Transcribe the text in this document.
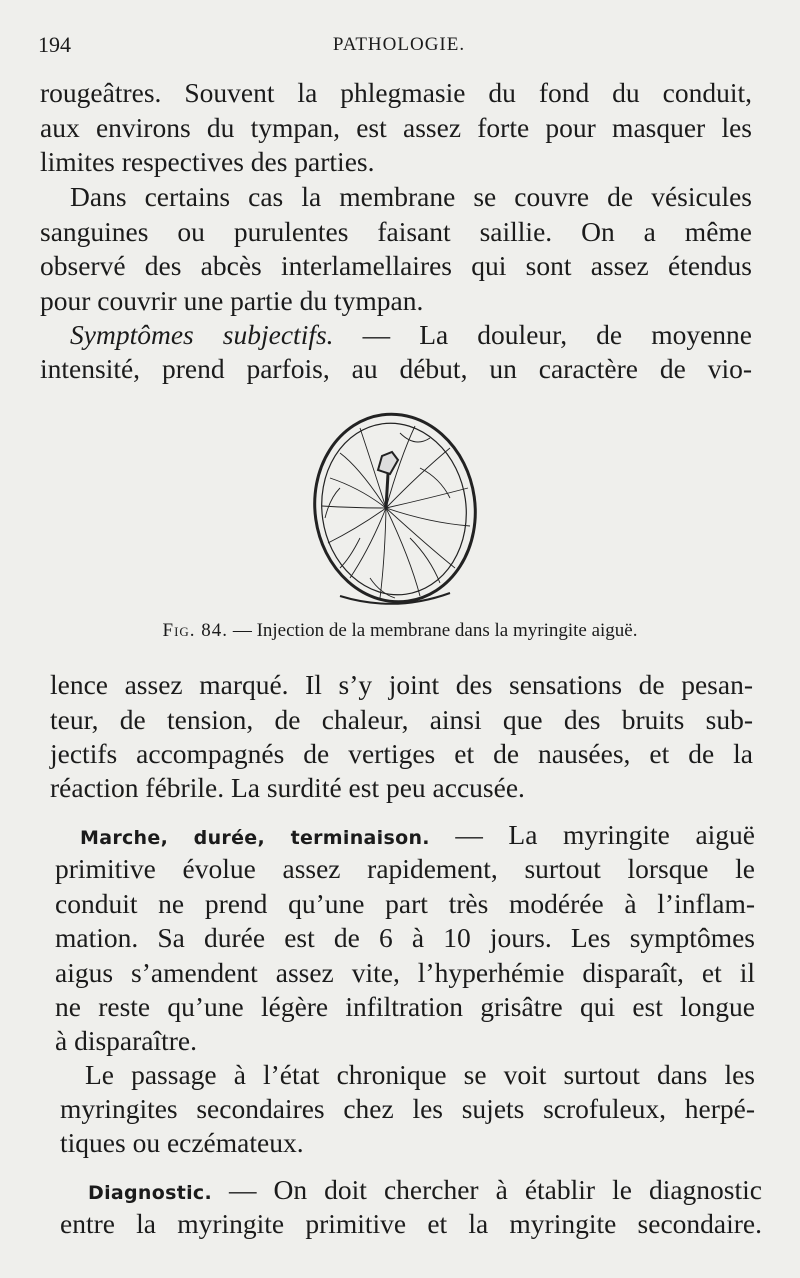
194	PATHOLOGIE.
rougeâtres. Souvent la phlegmasie du fond du conduit,
aux environs du tympan, est assez forte pour masquer les
limites respectives des parties.
Dans certains cas la membrane se couvre de vésicules
sanguines ou purulentes faisant saillie. On a même
observé des abcès interlamellaires qui sont assez étendus
pour couvrir une partie du tympan.
Symptômes subjectifs. — La douleur, de moyenne
intensité, prend parfois, au début, un caractère de vio-
Fig. 84. — Injection de la membrane dans la myringite aiguë.
lence assez marqué. Il s’y joint des sensations de pesan-
teur, de tension, de chaleur, ainsi que des bruits sub-
jectifs accompagnés de vertiges et de nausées, et de la
réaction fébrile. La surdité est peu accusée.
Marche, durée, terminaison. — La myringite aiguë
primitive évolue assez rapidement, surtout lorsque le
conduit ne prend qu’une part très modérée à l’inflam-
mation. Sa durée est de 6 à 10 jours. Les symptômes
aigus s’amendent assez vite, l’hyperhémie disparaît, et il
ne reste qu’une légère infiltration grisâtre qui est longue
à disparaître.
Le passage à l’état chronique se voit surtout dans les
myringites secondaires chez les sujets scrofuleux, herpé-
tiques ou eczémateux.
Diagnostic. — On doit chercher à établir le diagnostic
entre la myringite primitive et la myringite secondaire.
